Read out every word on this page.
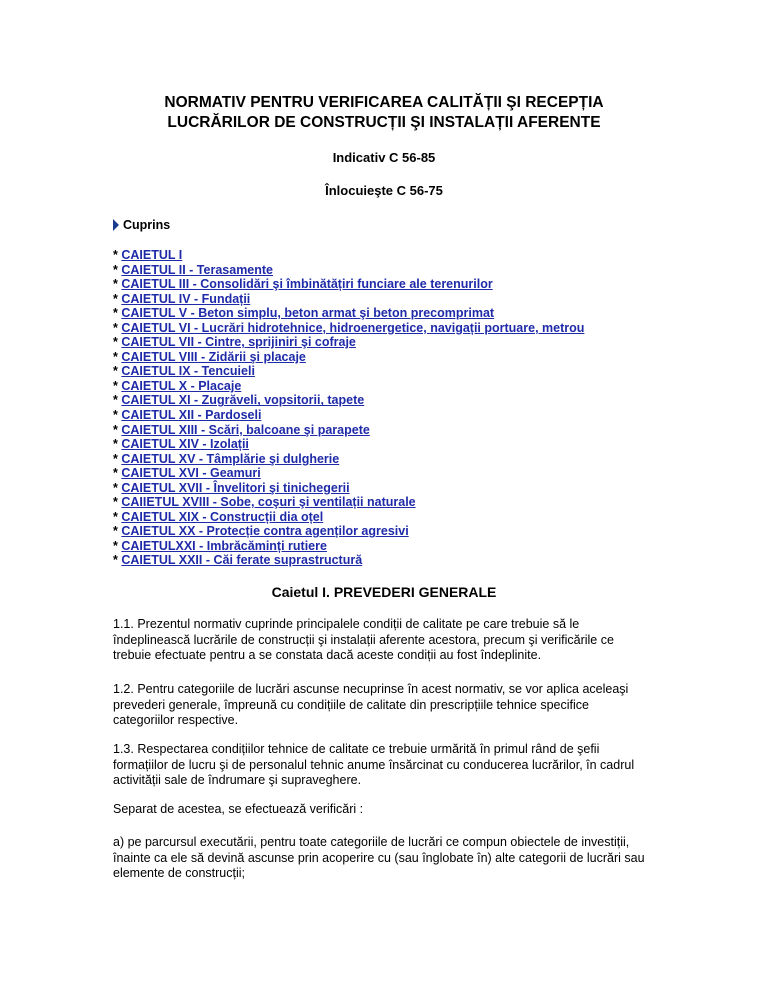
NORMATIV PENTRU VERIFICAREA CALITĂȚII ŞI RECEPȚIA
LUCRĂRILOR DE CONSTRUCȚII ŞI INSTALAȚII AFERENTE
Indicativ C 56-85
Înlocuieşte C 56-75
Cuprins
* CAIETUL I
* CAIETUL II - Terasamente
* CAIETUL III - Consolidări şi îmbinătățiri funciare ale terenurilor
* CAIETUL IV - Fundații
* CAIETUL V - Beton simplu, beton armat şi beton precomprimat
* CAIETUL VI - Lucrări hidrotehnice, hidroenergetice, navigații portuare, metrou
* CAIETUL VII - Cintre, sprijiniri şi cofraje
* CAIETUL VIII - Zidării şi placaje
* CAIETUL IX - Tencuieli
* CAIETUL X - Placaje
* CAIETUL XI - Zugrăveli, vopsitorii, tapete
* CAIETUL XII - Pardoseli
* CAIETUL XIII - Scări, balcoane şi parapete
* CAIETUL XIV - Izolații
* CAIETUL XV - Tâmplărie şi dulgherie
* CAIETUL XVI - Geamuri
* CAIETUL XVII - Învelitori şi tinichegerii
* CAIIETUL XVIII - Sobe, coşuri şi ventilații naturale
* CAIETUL XIX - Construcții dia oțel
* CAIETUL XX - Protecție contra agenților agresivi
* CAIETULXXI - Imbrăcăminți rutiere
* CAIETUL XXII - Căi ferate suprastructură
Caietul I. PREVEDERI GENERALE

1.1. Prezentul normativ cuprinde principalele condiții de calitate pe care trebuie să le îndeplinească lucrările de construcții şi instalații aferente acestora, precum şi verificările ce trebuie efectuate pentru a se constata dacă aceste condiții au fost îndeplinite.

1.2. Pentru categoriile de lucrări ascunse necuprinse în acest normativ, se vor aplica aceleaşi prevederi generale, împreună cu condițiile de calitate din prescripțiile tehnice specifice categoriilor respective.

1.3. Respectarea condițiilor tehnice de calitate ce trebuie urmărită în primul rând de şefii formațiilor de lucru şi de personalul tehnic anume însărcinat cu conducerea lucrărilor, în cadrul activității sale de îndrumare şi supraveghere.

Separat de acestea, se efectuează verificări :

a) pe parcursul executării, pentru toate categoriile de lucrări ce compun obiectele de investiții, înainte ca ele să devină ascunse prin acoperire cu (sau înglobate în) alte categorii de lucrări sau elemente de construcții;
